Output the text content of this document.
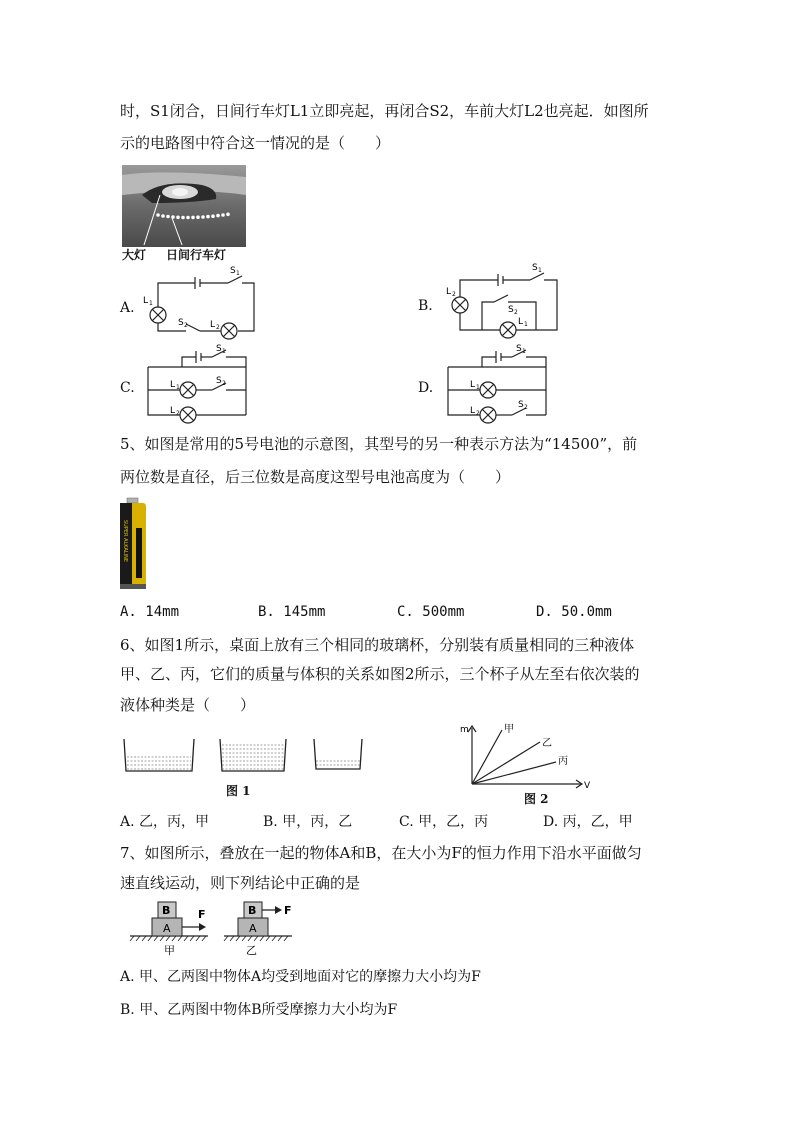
时，S1闭合，日间行车灯L1立即亮起，再闭合S2，车前大灯L2也亮起．如图所
示的电路图中符合这一情况的是（　　）
大灯 日间行车灯
A.
S 1
S 2
L 1
L 2
B.
S 1
S 2
L 2
L 1
C.
S 1
S 2
L 1
L 2
D.
S 1
S 2
L 1
L 2
5、如图是常用的5号电池的示意图，其型号的另一种表示方法为“14500”，前
两位数是直径，后三位数是高度这型号电池高度为（　　）
SUPER ALKALINE
A. 14mm	B. 145mm	C. 500mm	D. 50.0mm
6、如图1所示，桌面上放有三个相同的玻璃杯，分别装有质量相同的三种液体
甲、乙、丙，它们的质量与体积的关系如图2所示，三个杯子从左至右依次装的
液体种类是（　　）
图 1
m
V
甲
乙
丙
图 2
A. 乙，丙，甲	B. 甲，丙，乙	C. 甲，乙，丙	D. 丙，乙，甲
7、如图所示，叠放在一起的物体A和B，在大小为F的恒力作用下沿水平面做匀
速直线运动，则下列结论中正确的是
A
B	F
A
B	F
甲	乙
A. 甲、乙两图中物体A均受到地面对它的摩擦力大小均为F
B. 甲、乙两图中物体B所受摩擦力大小均为F
